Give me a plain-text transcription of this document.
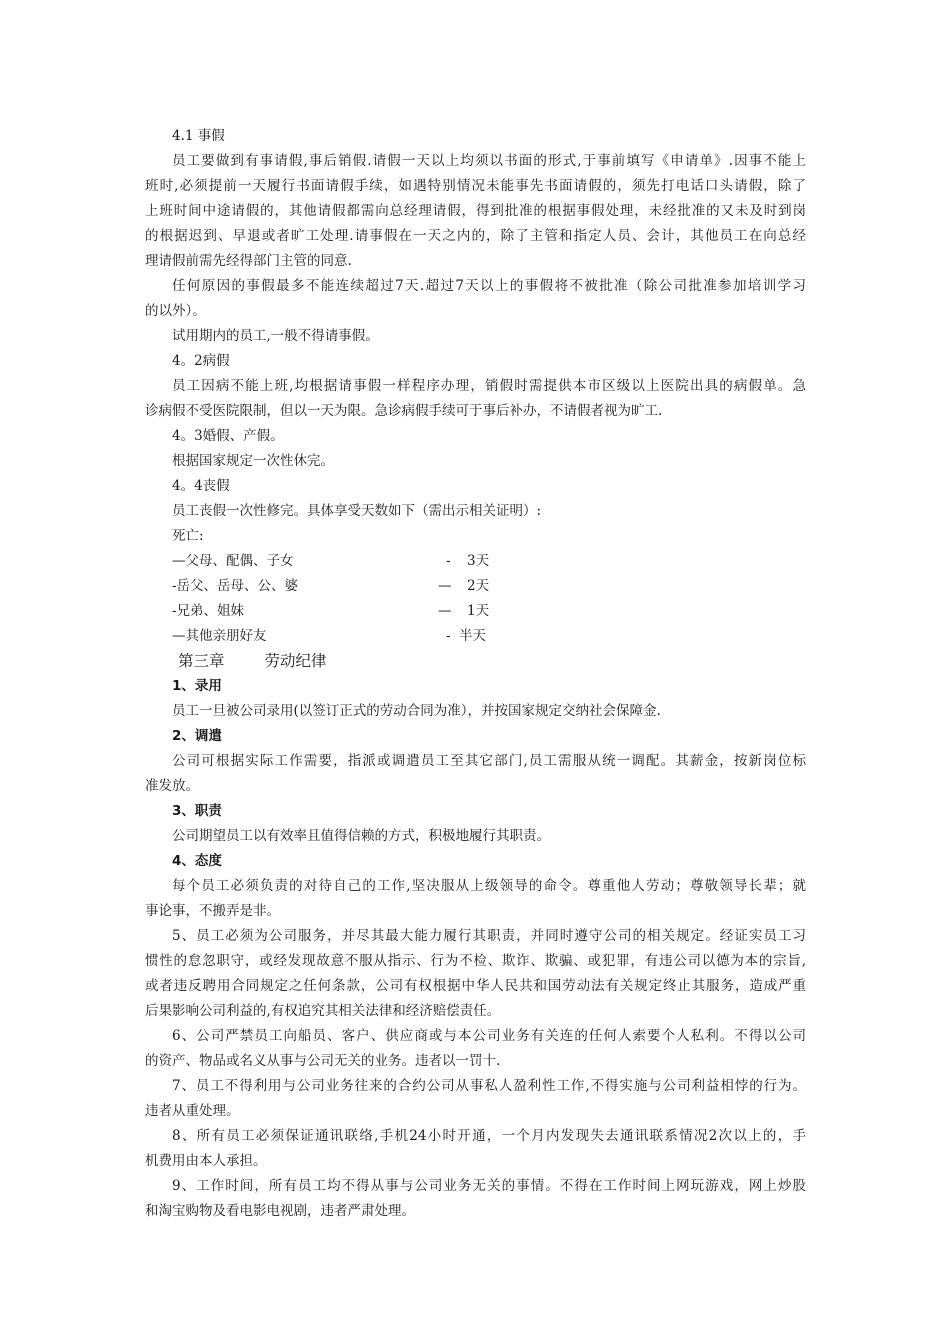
4.1 事假
员工要做到有事请假,事后销假.请假一天以上均须以书面的形式,于事前填写《申请单》.因事不能上
班时,必须提前一天履行书面请假手续，如遇特别情况未能事先书面请假的，须先打电话口头请假，除了
上班时间中途请假的，其他请假都需向总经理请假，得到批准的根据事假处理，未经批准的又未及时到岗
的根据迟到、早退或者旷工处理.请事假在一天之内的，除了主管和指定人员、会计，其他员工在向总经
理请假前需先经得部门主管的同意.
任何原因的事假最多不能连续超过7天.超过7天以上的事假将不被批准（除公司批准参加培训学习
的以外）。
试用期内的员工,一般不得请事假。
4。2病假
员工因病不能上班,均根据请事假一样程序办理，销假时需提供本市区级以上医院出具的病假单。急
诊病假不受医院限制，但以一天为限。急诊病假手续可于事后补办，不请假者视为旷工.
4。3婚假、产假。
根据国家规定一次性休完。
4。4丧假
员工丧假一次性修完。具体享受天数如下（需出示相关证明）:
死亡:
—父母、配偶、子女	- 3天
-岳父、岳母、公、婆	— 2天
-兄弟、姐妹	— 1天
—其他亲朋好友	- 半天
第三章	劳动纪律
1、录用
员工一旦被公司录用(以签订正式的劳动合同为准），并按国家规定交纳社会保障金.
2、调遣
公司可根据实际工作需要，指派或调遣员工至其它部门,员工需服从统一调配。其薪金，按新岗位标
准发放。
3、职责
公司期望员工以有效率且值得信赖的方式，积极地履行其职责。
4、态度
每个员工必须负责的对待自己的工作,坚决服从上级领导的命令。尊重他人劳动；尊敬领导长辈；就
事论事，不搬弄是非。
5、员工必须为公司服务，并尽其最大能力履行其职责，并同时遵守公司的相关规定。经证实员工习
惯性的怠忽职守，或经发现故意不服从指示、行为不检、欺诈、欺骗、或犯罪，有违公司以德为本的宗旨,
或者违反聘用合同规定之任何条款，公司有权根据中华人民共和国劳动法有关规定终止其服务，造成严重
后果影响公司利益的,有权追究其相关法律和经济赔偿责任。
6、公司严禁员工向船员、客户、供应商或与本公司业务有关连的任何人索要个人私利。不得以公司
的资产、物品或名义从事与公司无关的业务。违者以一罚十.
7、员工不得利用与公司业务往来的合约公司从事私人盈利性工作,不得实施与公司利益相悖的行为。
违者从重处理。
8、所有员工必须保证通讯联络,手机24小时开通，一个月内发现失去通讯联系情况2次以上的，手
机费用由本人承担。
9、工作时间，所有员工均不得从事与公司业务无关的事情。不得在工作时间上网玩游戏，网上炒股
和淘宝购物及看电影电视剧，违者严肃处理。
